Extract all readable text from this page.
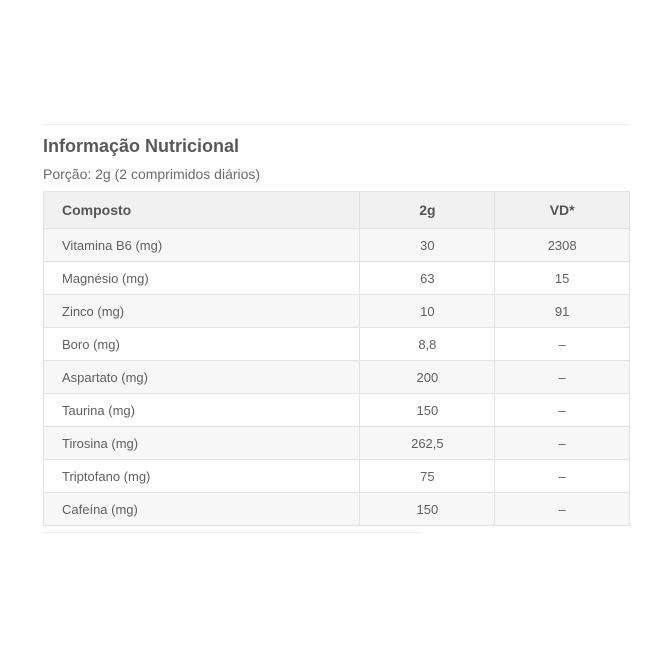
Informação Nutricional
Porção: 2g (2 comprimidos diários)
Composto	2g	VD*
Vitamina B6 (mg)	30	2308
Magnésio (mg)	63	15
Zinco (mg)	10	91
Boro (mg)	8,8	–
Aspartato (mg)	200	–
Taurina (mg)	150	–
Tirosina (mg)	262,5	–
Triptofano (mg)	75	–
Cafeína (mg)	150	–
